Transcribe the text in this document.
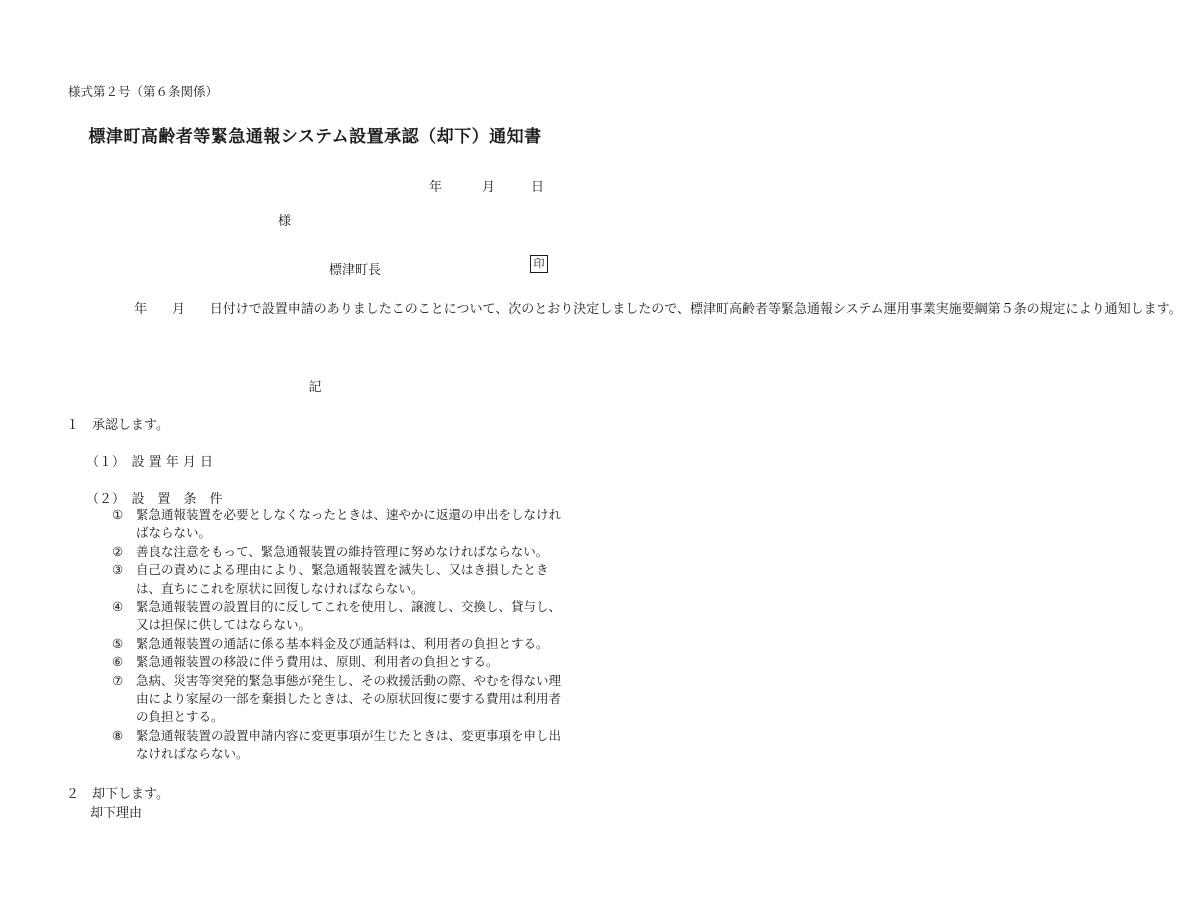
様式第２号（第６条関係）
標津町高齢者等緊急通報システム設置承認（却下）通知書
年	月	日
様
標津町長	印
年 月 日付けで設置申請のありましたこのことについて、次のとおり決定しましたので、標津町高齢者等緊急通報システム運用事業実施要綱第５条の規定により通知します。
記
１　承認します。
（１）　設 置 年 月 日
（２）　設　置　条　件
①	緊急通報装置を必要としなくなったときは、速やかに返還の申出をしなければならない。
②	善良な注意をもって、緊急通報装置の維持管理に努めなければならない。
③	自己の責めによる理由により、緊急通報装置を滅失し、又はき損したときは、直ちにこれを原状に回復しなければならない。
④	緊急通報装置の設置目的に反してこれを使用し、譲渡し、交換し、貸与し、又は担保に供してはならない。
⑤	緊急通報装置の通話に係る基本料金及び通話料は、利用者の負担とする。
⑥	緊急通報装置の移設に伴う費用は、原則、利用者の負担とする。
⑦	急病、災害等突発的緊急事態が発生し、その救援活動の際、やむを得ない理由により家屋の一部を棄損したときは、その原状回復に要する費用は利用者の負担とする。
⑧	緊急通報装置の設置申請内容に変更事項が生じたときは、変更事項を申し出なければならない。
２　却下します。
却下理由
